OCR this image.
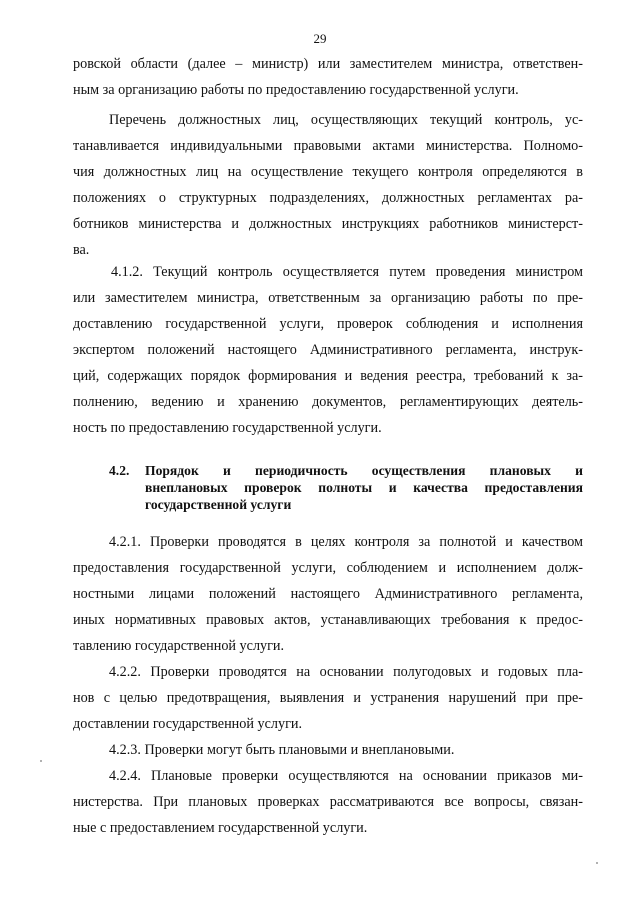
29
ровской области (далее – министр) или заместителем министра, ответствен-
ным за организацию работы по предоставлению государственной услуги.
Перечень должностных лиц, осуществляющих текущий контроль, ус-
танавливается индивидуальными правовыми актами министерства. Полномо-
чия должностных лиц на осуществление текущего контроля определяются в
положениях о структурных подразделениях, должностных регламентах ра-
ботников министерства и должностных инструкциях работников министерст-
ва.
4.1.2. Текущий контроль осуществляется путем проведения министром
или заместителем министра, ответственным за организацию работы по пре-
доставлению государственной услуги, проверок соблюдения и исполнения
экспертом положений настоящего Административного регламента, инструк-
ций, содержащих порядок формирования и ведения реестра, требований к за-
полнению, ведению и хранению документов, регламентирующих деятель-
ность по предоставлению государственной услуги.
4.2. Порядок и периодичность осуществления плановых и
внеплановых проверок полноты и качества предоставления
государственной услуги
4.2.1. Проверки проводятся в целях контроля за полнотой и качеством
предоставления государственной услуги, соблюдением и исполнением долж-
ностными лицами положений настоящего Административного регламента,
иных нормативных правовых актов, устанавливающих требования к предос-
тавлению государственной услуги.
4.2.2. Проверки проводятся на основании полугодовых и годовых пла-
нов с целью предотвращения, выявления и устранения нарушений при пре-
доставлении государственной услуги.
4.2.3. Проверки могут быть плановыми и внеплановыми.
4.2.4. Плановые проверки осуществляются на основании приказов ми-
нистерства. При плановых проверках рассматриваются все вопросы, связан-
ные с предоставлением государственной услуги.
